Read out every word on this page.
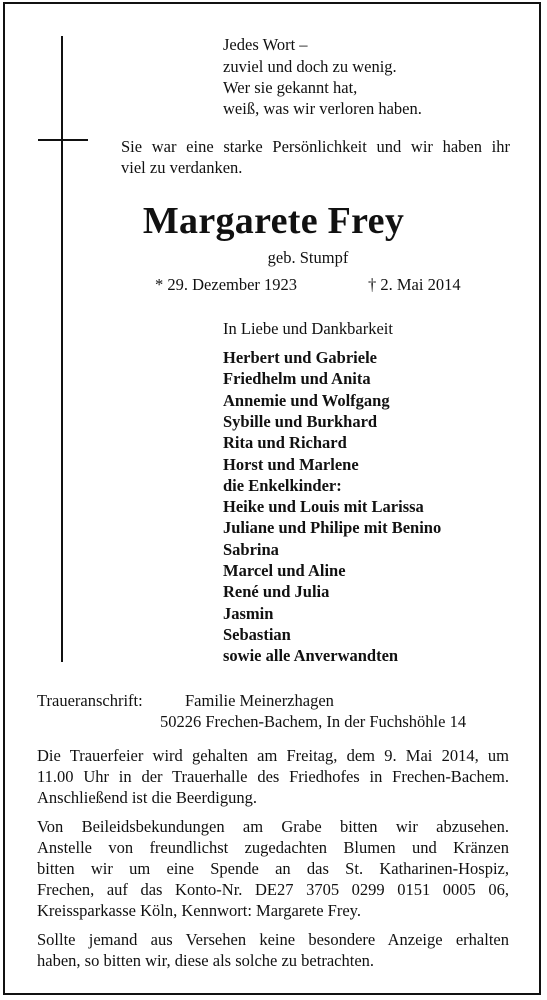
Jedes Wort –
zuviel und doch zu wenig.
Wer sie gekannt hat,
weiß, was wir verloren haben.
Sie war eine starke Persönlichkeit und wir haben ihr
viel zu verdanken.
Margarete Frey
geb. Stumpf
* 29. Dezember 1923	† 2. Mai 2014
In Liebe und Dankbarkeit
Herbert und Gabriele
Friedhelm und Anita
Annemie und Wolfgang
Sybille und Burkhard
Rita und Richard
Horst und Marlene
die Enkelkinder:
Heike und Louis mit Larissa
Juliane und Philipe mit Benino
Sabrina
Marcel und Aline
René und Julia
Jasmin
Sebastian
sowie alle Anverwandten
Traueranschrift:	Familie Meinerzhagen
50226 Frechen-Bachem, In der Fuchshöhle 14
Die Trauerfeier wird gehalten am Freitag, dem 9. Mai 2014, um
11.00 Uhr in der Trauerhalle des Friedhofes in Frechen-Bachem.
Anschließend ist die Beerdigung.
Von Beileidsbekundungen am Grabe bitten wir abzusehen.
Anstelle von freundlichst zugedachten Blumen und Kränzen
bitten wir um eine Spende an das St. Katharinen-Hospiz,
Frechen, auf das Konto-Nr. DE27 3705 0299 0151 0005 06,
Kreissparkasse Köln, Kennwort: Margarete Frey.
Sollte jemand aus Versehen keine besondere Anzeige erhalten
haben, so bitten wir, diese als solche zu betrachten.
